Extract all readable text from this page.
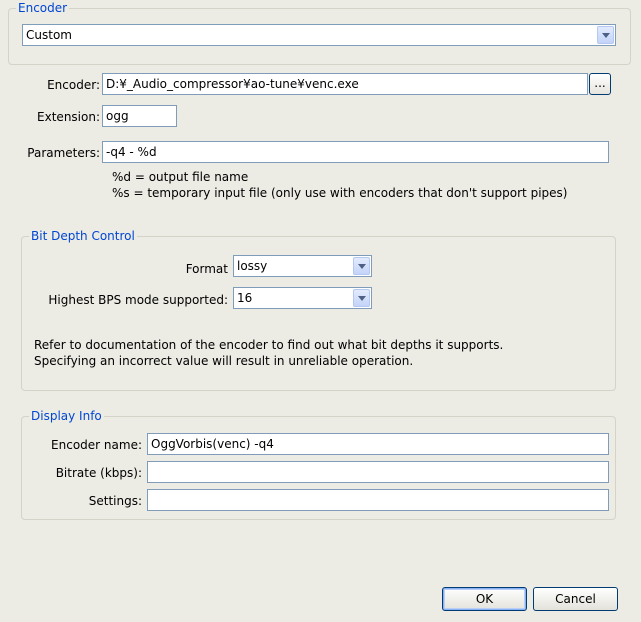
Encoder
Custom
Encoder: D:¥_Audio_compressor¥ao-tune¥venc.exe	...
Extension: ogg
Parameters: -q4 - %d
%d = output file name
%s = temporary input file (only use with encoders that don't support pipes)
Bit Depth Control
Format lossy
Highest BPS mode supported: 16
Refer to documentation of the encoder to find out what bit depths it supports.
Specifying an incorrect value will result in unreliable operation.
Display Info
Encoder name: OggVorbis(venc) -q4
Bitrate (kbps):
Settings:
OK	Cancel
